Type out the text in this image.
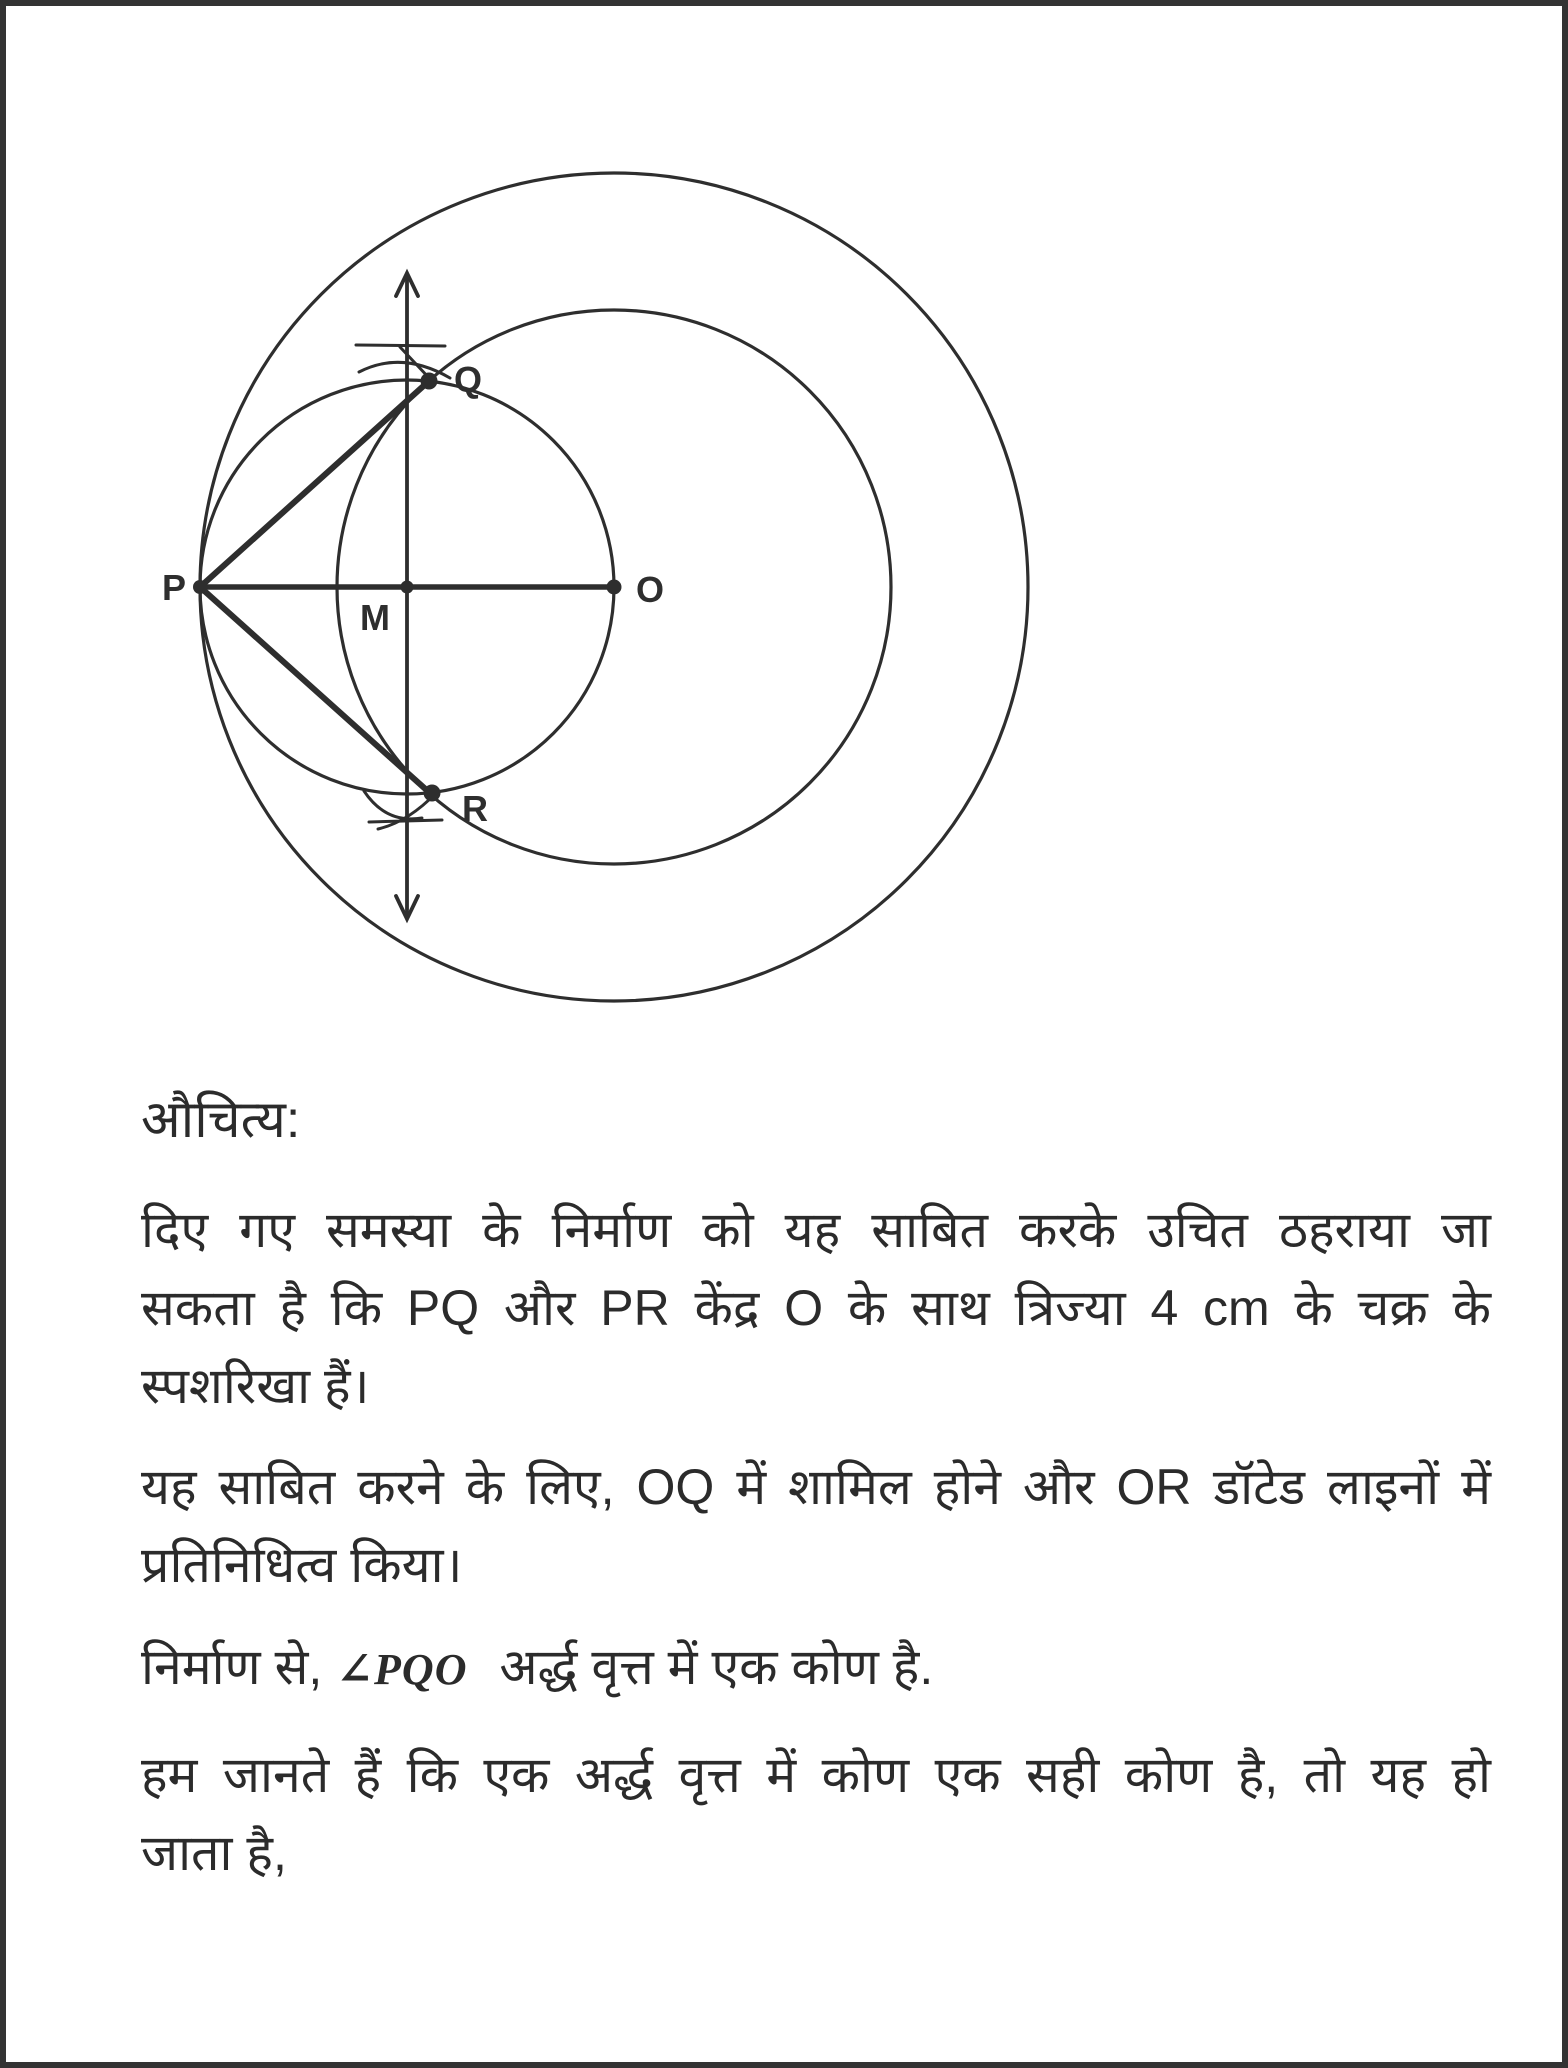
P
M
O
Q
R
औचित्य:
दिए गए समस्या के निर्माण को यह साबित करके उचित ठहराया जा
सकता है कि PQ और PR केंद्र O के साथ त्रिज्या 4 cm के चक्र के
स्पशरिखा हैं।
यह साबित करने के लिए, OQ में शामिल होने और OR डॉटेड लाइनों में
प्रतिनिधित्व किया।
निर्माण से, ∠PQO अर्द्ध वृत्त में एक कोण है.
हम जानते हैं कि एक अर्द्ध वृत्त में कोण एक सही कोण है, तो यह हो
जाता है,
